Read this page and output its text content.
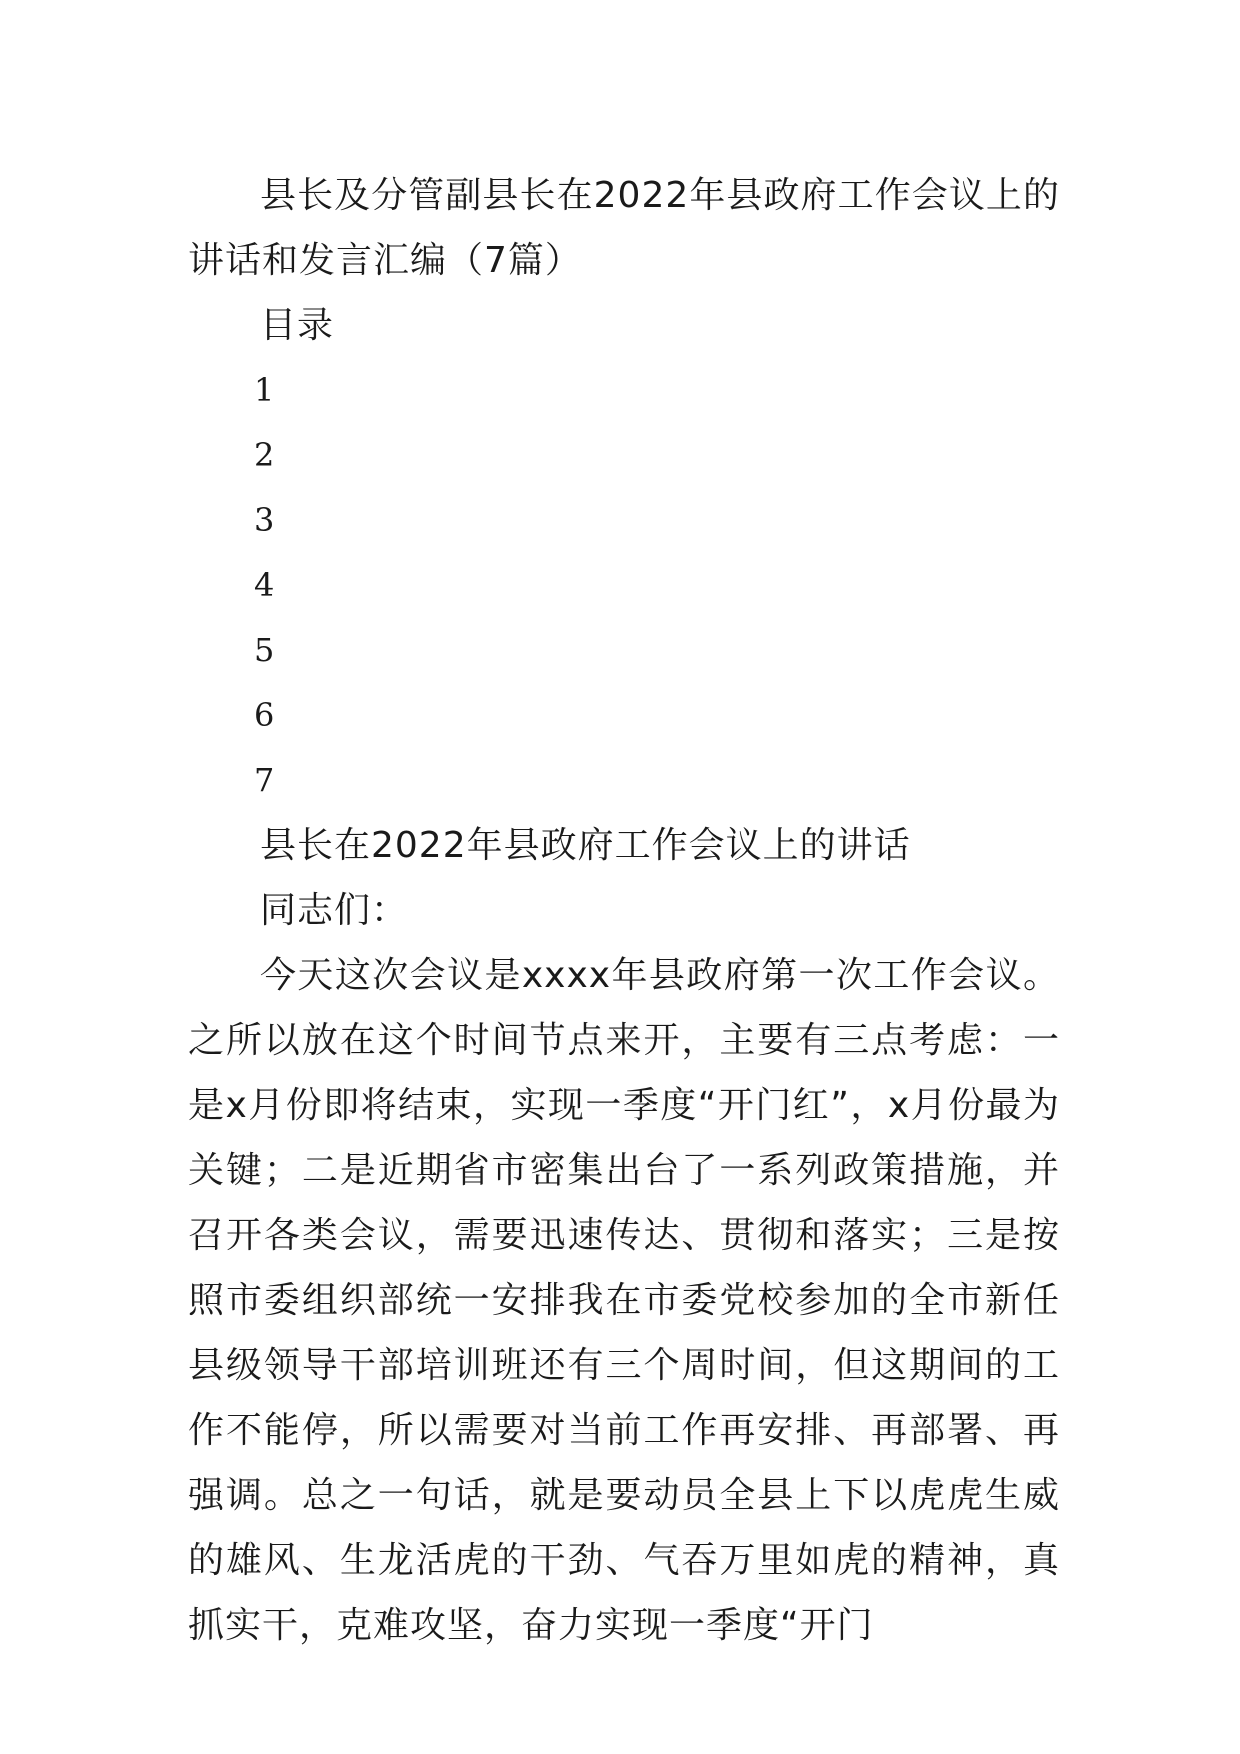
县长及分管副县长在2022年县政府工作会议上的讲话和发言汇编（7篇）

目录

1
2
3
4
5
6
7

县长在2022年县政府工作会议上的讲话

同志们：

今天这次会议是xxxx年县政府第一次工作会议。之所以放在这个时间节点来开，主要有三点考虑：一是x月份即将结束，实现一季度“开门红”，x月份最为关键；二是近期省市密集出台了一系列政策措施，并召开各类会议，需要迅速传达、贯彻和落实；三是按照市委组织部统一安排我在市委党校参加的全市新任县级领导干部培训班还有三个周时间，但这期间的工作不能停，所以需要对当前工作再安排、再部署、再强调。总之一句话，就是要动员全县上下以虎虎生威的雄风、生龙活虎的干劲、气吞万里如虎的精神，真抓实干，克难攻坚，奋力实现一季度“开门
